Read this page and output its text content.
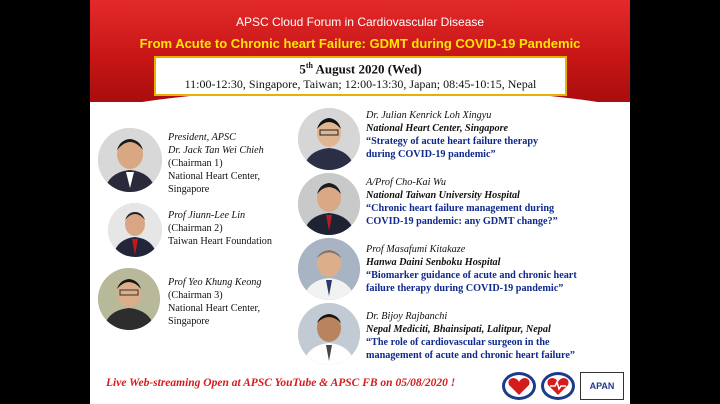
APSC Cloud Forum in Cardiovascular Disease
From Acute to Chronic heart Failure: GDMT during COVID-19 Pandemic
5th August 2020 (Wed)
11:00-12:30, Singapore, Taiwan; 12:00-13:30, Japan; 08:45-10:15, Nepal
President, APSC
Dr. Jack Tan Wei Chieh
(Chairman 1)
National Heart Center,
Singapore
Prof Jiunn-Lee Lin
(Chairman 2)
Taiwan Heart Foundation
Prof Yeo Khung Keong
(Chairman 3)
National Heart Center,
Singapore
Dr. Julian Kenrick Loh Xingyu
National Heart Center, Singapore
“Strategy of acute heart failure therapy
during COVID-19 pandemic”
A/Prof Cho-Kai Wu
National Taiwan University Hospital
“Chronic heart failure management during
COVID-19 pandemic: any GDMT change?”
Prof Masafumi Kitakaze
Hanwa Daini Senboku Hospital
“Biomarker guidance of acute and chronic heart
failure therapy during COVID-19 pandemic”
Dr. Bijoy Rajbanchi
Nepal Mediciti, Bhainsipati, Lalitpur, Nepal
“The role of cardiovascular surgeon in the
management of acute and chronic heart failure”
Live Web-streaming Open at APSC YouTube & APSC FB on 05/08/2020 !	APAN
